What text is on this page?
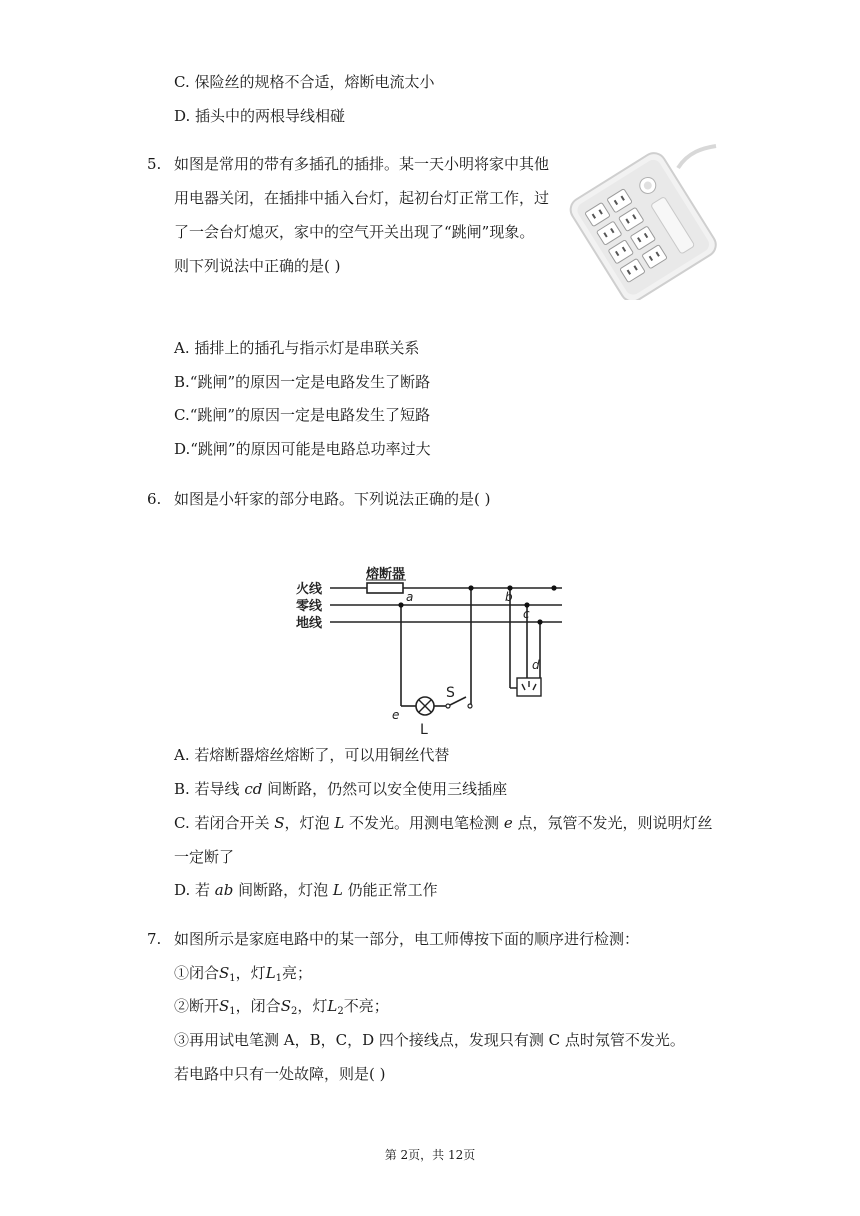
C. 保险丝的规格不合适，熔断电流太小
D. 插头中的两根导线相碰
5. 如图是常用的带有多插孔的插排。某一天小明将家中其他
用电器关闭，在插排中插入台灯，起初台灯正常工作，过
了一会台灯熄灭，家中的空气开关出现了“跳闸”现象。
则下列说法中正确的是( )
A. 插排上的插孔与指示灯是串联关系
B.“跳闸”的原因一定是电路发生了断路
C.“跳闸”的原因一定是电路发生了短路
D.“跳闸”的原因可能是电路总功率过大
6. 如图是小轩家的部分电路。下列说法正确的是( )
熔断器
火线
零线
地线
a	b
c
d
e
S
L
A. 若熔断器熔丝熔断了，可以用铜丝代替
B. 若导线 cd 间断路，仍然可以安全使用三线插座
C. 若闭合开关 S，灯泡 L 不发光。用测电笔检测 e 点，氖管不发光，则说明灯丝
一定断了
D. 若 ab 间断路，灯泡 L 仍能正常工作
7. 如图所示是家庭电路中的某一部分，电工师傅按下面的顺序进行检测：
①闭合$S_1$，灯$L_1$亮；
②断开$S_1$，闭合$S_2$，灯$L_2$不亮；
③再用试电笔测 A，B，C，D 四个接线点，发现只有测 C 点时氖管不发光。
若电路中只有一处故障，则是( )
第 2页，共 12页
